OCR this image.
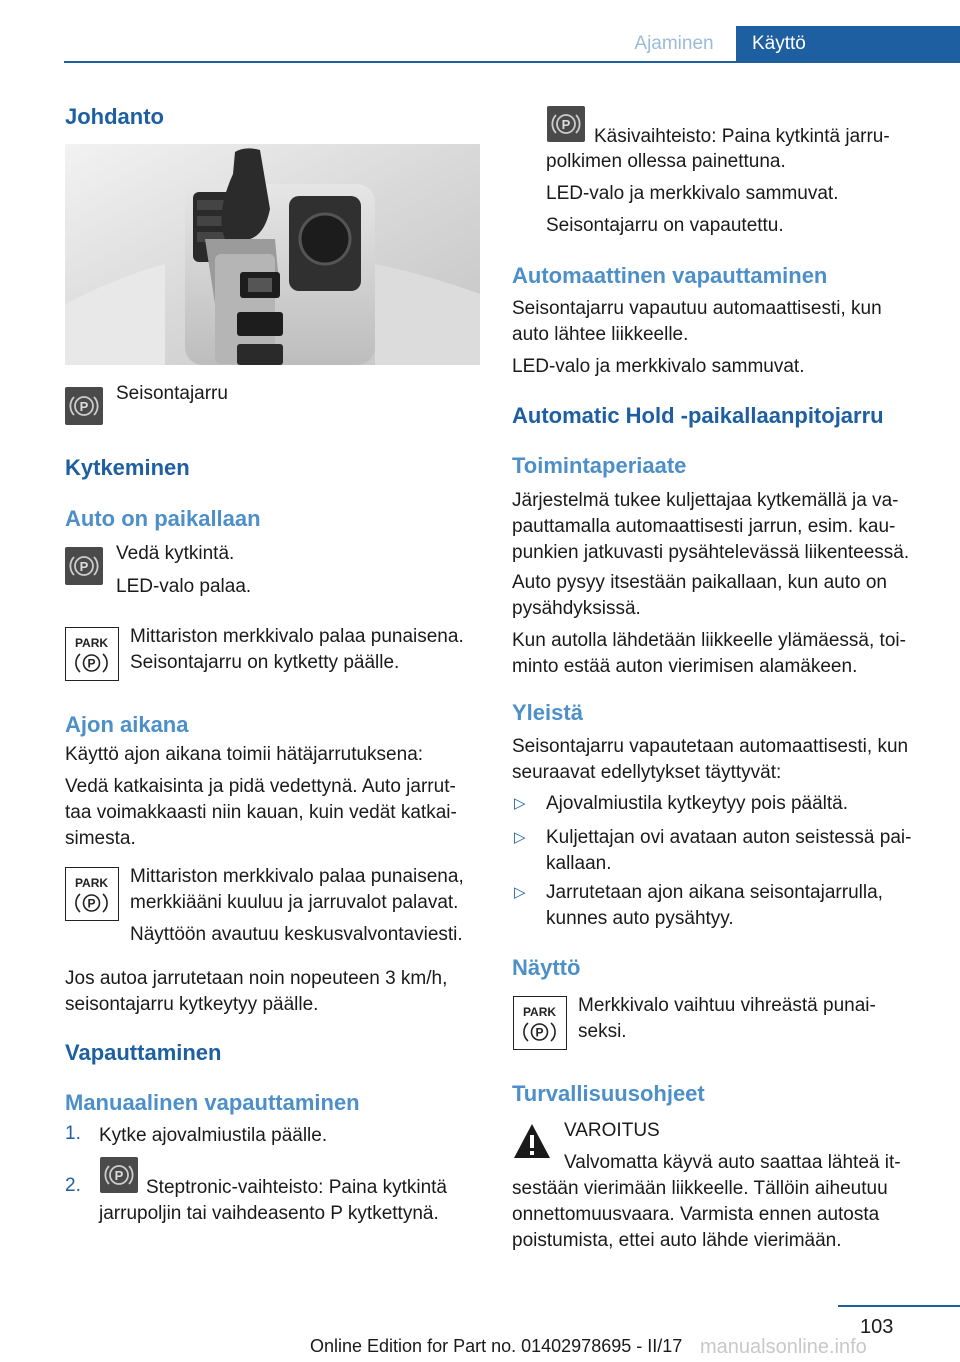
Ajaminen	Käyttö
Johdanto
P
Seisontajarru
Kytkeminen
Auto on paikallaan
P
Vedä kytkintä.
LED-valo palaa.
PARK
P
Mittariston merkkivalo palaa punaisena.
Seisontajarru on kytketty päälle.
Ajon aikana
Käyttö ajon aikana toimii hätäjarrutuksena:
Vedä katkaisinta ja pidä vedettynä. Auto jarrut‐
taa voimakkaasti niin kauan, kuin vedät katkai‐
simesta.
PARK
P
Mittariston merkkivalo palaa punaisena,
merkkiääni kuuluu ja jarruvalot palavat.
Näyttöön avautuu keskusvalvontaviesti.
Jos autoa jarrutetaan noin nopeuteen 3 km/h,
seisontajarru kytkeytyy päälle.
Vapauttaminen
Manuaalinen vapauttaminen
1. Kytke ajovalmiustila päälle.
2.	P
Steptronic-vaihteisto: Paina kytkintä
jarrupoljin tai vaihdeasento P kytkettynä.
P
Käsivaihteisto: Paina kytkintä jarru‐
polkimen ollessa painettuna.
LED-valo ja merkkivalo sammuvat.
Seisontajarru on vapautettu.
Automaattinen vapauttaminen
Seisontajarru vapautuu automaattisesti, kun
auto lähtee liikkeelle.
LED-valo ja merkkivalo sammuvat.
Automatic Hold -paikallaanpitojarru
Toimintaperiaate
Järjestelmä tukee kuljettajaa kytkemällä ja va‐
pauttamalla automaattisesti jarrun, esim. kau‐
punkien jatkuvasti pysähtelevässä liikenteessä.
Auto pysyy itsestään paikallaan, kun auto on
pysähdyksissä.
Kun autolla lähdetään liikkeelle ylämäessä, toi‐
minto estää auton vierimisen alamäkeen.
Yleistä
Seisontajarru vapautetaan automaattisesti, kun
seuraavat edellytykset täyttyvät:
▷ Ajovalmiustila kytkeytyy pois päältä.
▷ Kuljettajan ovi avataan auton seistessä pai‐
kallaan.
▷ Jarrutetaan ajon aikana seisontajarrulla,
kunnes auto pysähtyy.
Näyttö
PARK
P
Merkkivalo vaihtuu vihreästä punai‐
seksi.
Turvallisuusohjeet
VAROITUS
Valvomatta käyvä auto saattaa lähteä it‐
sestään vierimään liikkeelle. Tällöin aiheutuu
onnettomuusvaara. Varmista ennen autosta
poistumista, ettei auto lähde vierimään.
103
Online Edition for Part no. 01402978695 - II/17 manualsonline.info
